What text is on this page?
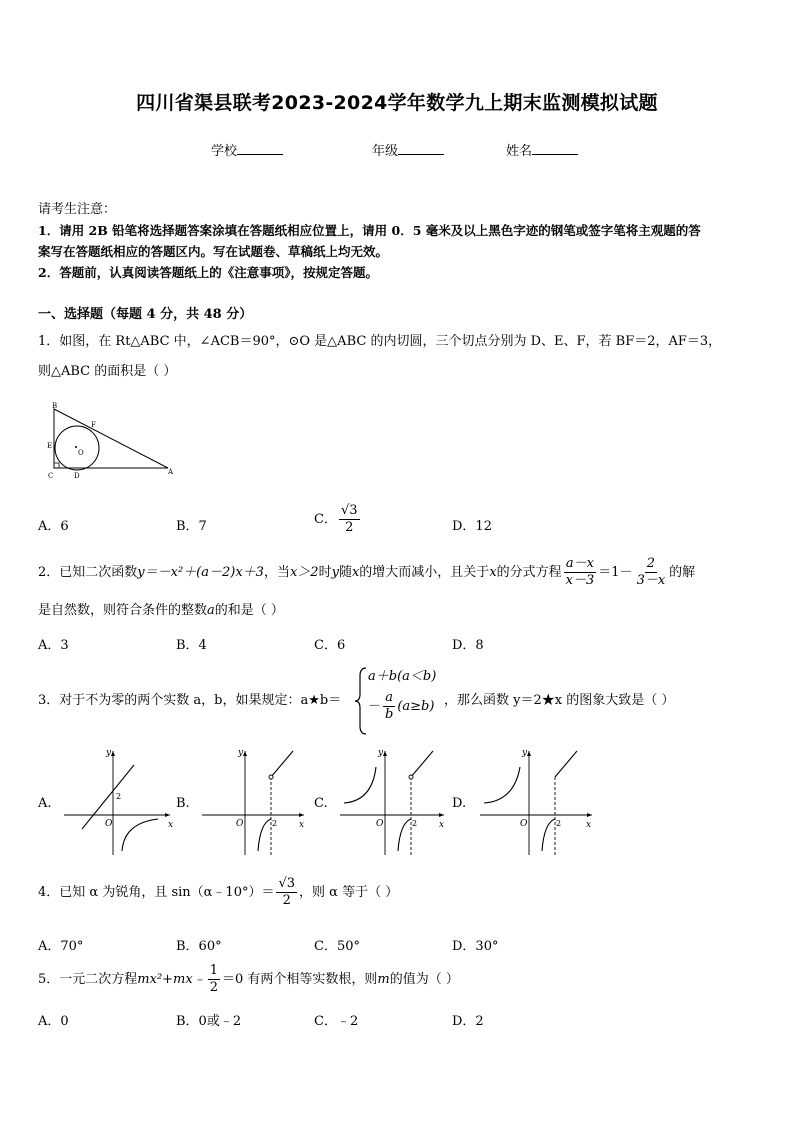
四川省渠县联考2023-2024学年数学九上期末监测模拟试题
学校	年级	姓名
请考生注意：
1．请用 2B 铅笔将选择题答案涂填在答题纸相应位置上，请用 0．5 毫米及以上黑色字迹的钢笔或签字笔将主观题的答
案写在答题纸相应的答题区内。写在试题卷、草稿纸上均无效。
2．答题前，认真阅读答题纸上的《注意事项》，按规定答题。
一、选择题（每题 4 分，共 48 分）
1．如图，在 Rt△ABC 中，∠ACB＝90°，⊙O 是△ABC 的内切圆，三个切点分别为 D、E、F，若 BF＝2，AF＝3，
则△ABC 的面积是（ ）
B
F
E
O
C	D	A
A．6	B．7	C． $\frac{√3}{2}$	D．12
2．已知二次函数y＝－x²＋(a－2)x＋3，当x＞2时y随x的增大而减小，且关于x的分式方程 $\frac{a-x}{x-3} =1- \frac{2}{3-x}$ 的解
是自然数，则符合条件的整数a的和是（ ）
A．3	B．4	C．6	D．8
3．对于不为零的两个实数 a，b，如果规定：a★b＝
a＋b(a＜b)
－ $\frac{a}{b} (a\ge b)$ ，那么函数 y＝2★x 的图象大致是（ ）
A.
y
x
O
2	B.
y
x
O	2
C.
y
x
O	2
D.
y
x
O	2
4．已知 α 为锐角，且 sin（α﹣10°）＝ $\frac{√3}{2}$ ，则 α 等于（ ）
A．70°	B．60°	C．50°	D．30°
5．一元二次方程mx²+mx﹣ $\frac{1}{2} =0$ 有两个相等实数根，则m的值为（ ）
A．0	B．0或﹣2	C．﹣2	D．2
